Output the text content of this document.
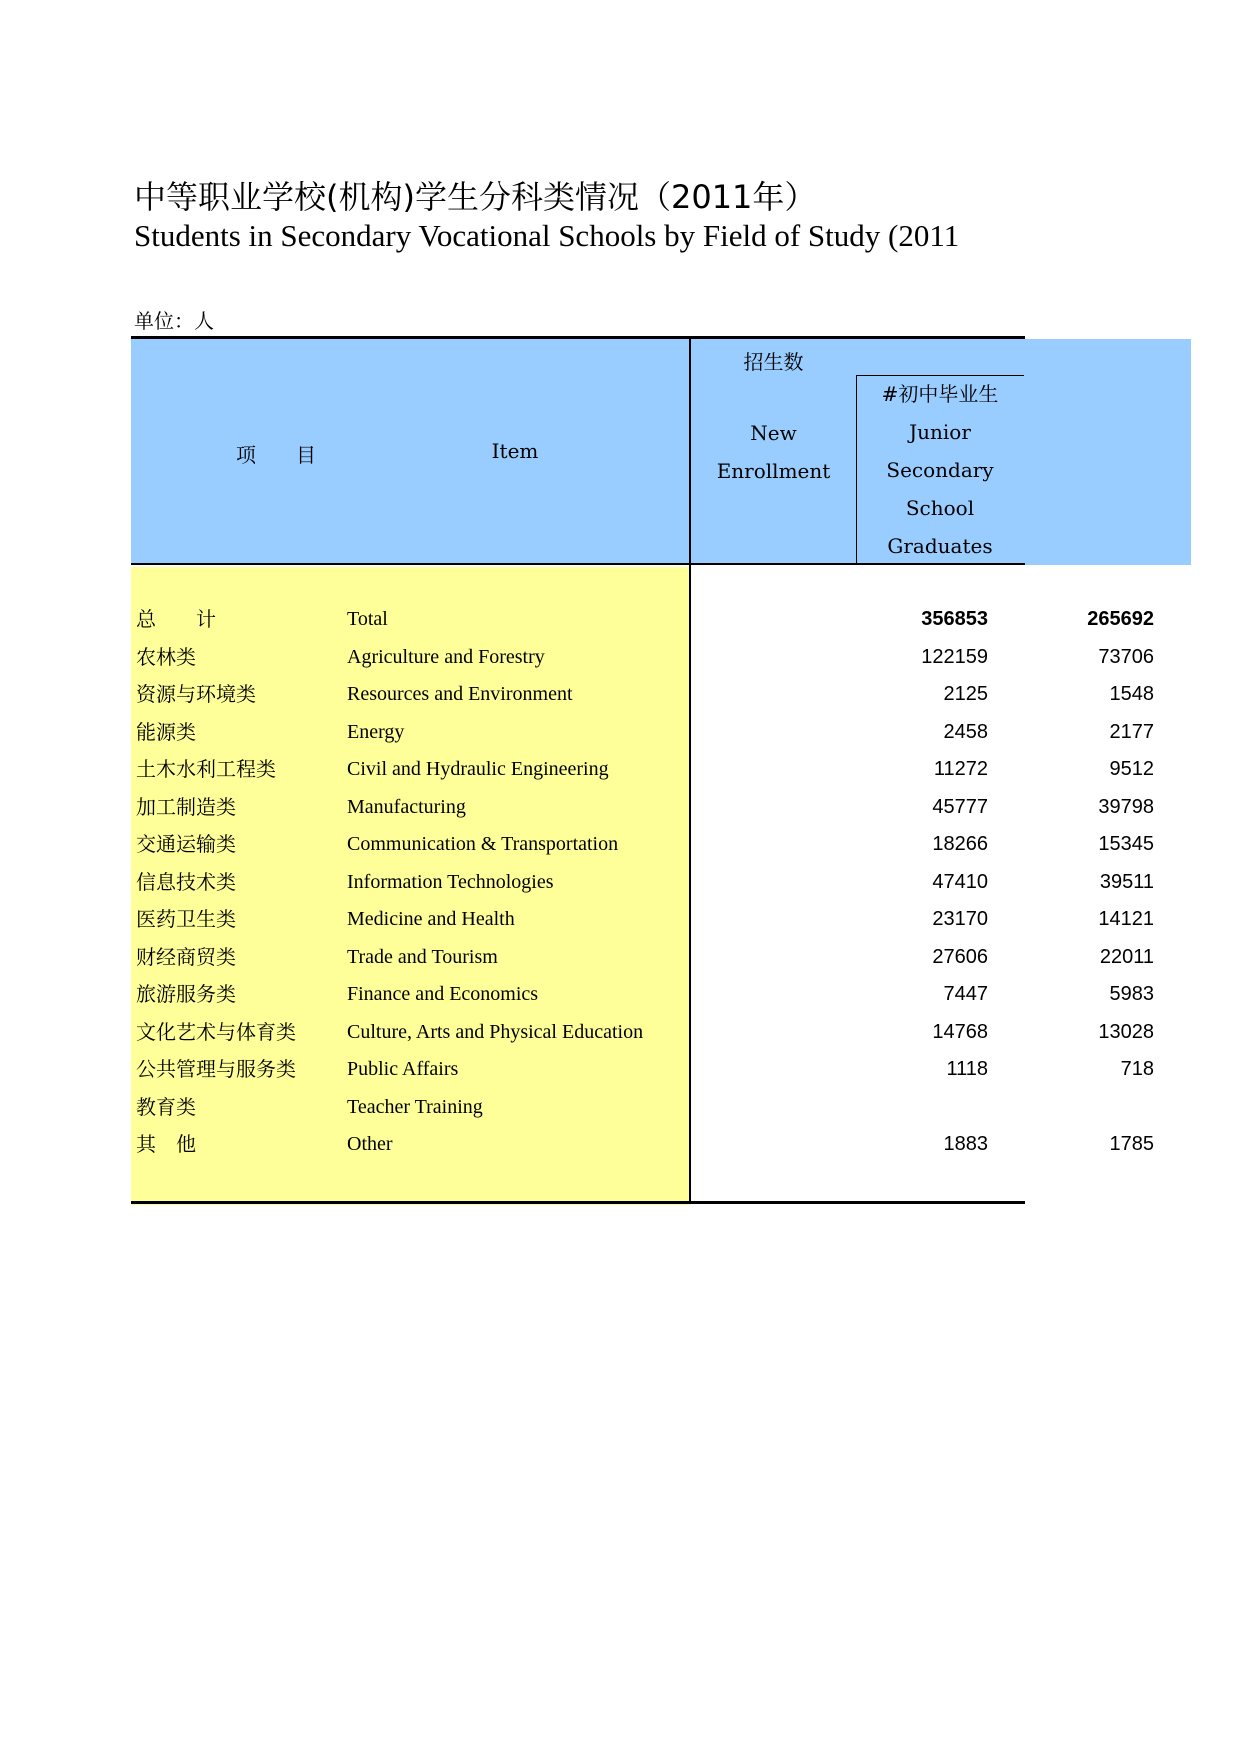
中等职业学校(机构)学生分科类情况（2011年）
Students in Secondary Vocational Schools by Field of Study (2011
单位：人
项　　目	Item
招生数
New
Enrollment
#初中毕业生
Junior
Secondary
School
Graduates
总　　计	Total	356853	265692
农林类	Agriculture and Forestry	122159	73706
资源与环境类	Resources and Environment	2125	1548
能源类	Energy	2458	2177
土木水利工程类	Civil and Hydraulic Engineering	11272	9512
加工制造类	Manufacturing	45777	39798
交通运输类	Communication & Transportation	18266	15345
信息技术类	Information Technologies	47410	39511
医药卫生类	Medicine and Health	23170	14121
财经商贸类	Trade and Tourism	27606	22011
旅游服务类	Finance and Economics	7447	5983
文化艺术与体育类	Culture, Arts and Physical Education	14768	13028
公共管理与服务类	Public Affairs	1118	718
教育类	Teacher Training
其　他	Other	1883	1785
